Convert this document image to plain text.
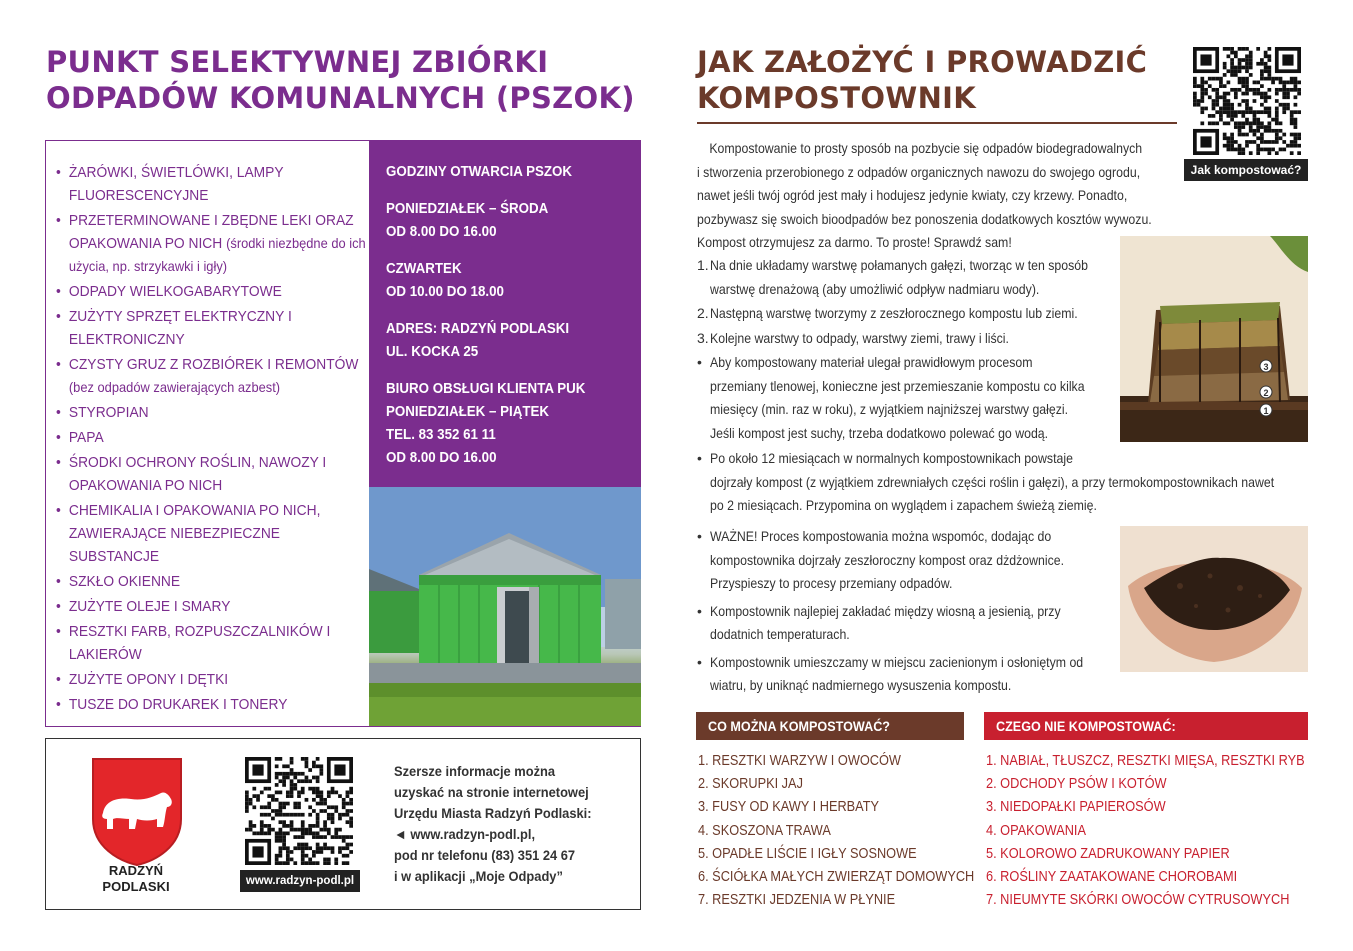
PUNKT SELEKTYWNEJ ZBIÓRKI
ODPADÓW KOMUNALNYCH (PSZOK)
• ŻARÓWKI, ŚWIETLÓWKI, LAMPY FLUORESCENCYJNE
• PRZETERMINOWANE I ZBĘDNE LEKI ORAZ OPAKOWANIA PO NICH (środki niezbędne do ich użycia, np. strzykawki i igły)
• ODPADY WIELKOGABARYTOWE
• ZUŻYTY SPRZĘT ELEKTRYCZNY I ELEKTRONICZNY
• CZYSTY GRUZ Z ROZBIÓREK I REMONTÓW (bez odpadów zawierających azbest)
• STYROPIAN
• PAPA
• ŚRODKI OCHRONY ROŚLIN, NAWOZY I OPAKOWANIA PO NICH
• CHEMIKALIA I OPAKOWANIA PO NICH, ZAWIERAJĄCE NIEBEZPIECZNE SUBSTANCJE
• SZKŁO OKIENNE
• ZUŻYTE OLEJE I SMARY
• RESZTKI FARB, ROZPUSZCZALNIKÓW I LAKIERÓW
• ZUŻYTE OPONY I DĘTKI
• TUSZE DO DRUKAREK I TONERY
GODZINY OTWARCIA PSZOK
PONIEDZIAŁEK – ŚRODA
OD 8.00 DO 16.00
CZWARTEK
OD 10.00 DO 18.00
ADRES: RADZYŃ PODLASKI
UL. KOCKA 25
BIURO OBSŁUGI KLIENTA PUK
PONIEDZIAŁEK – PIĄTEK
TEL. 83 352 61 11
OD 8.00 DO 16.00
RADZYŃ
PODLASKI	www.radzyn-podl.pl
Szersze informacje można
uzyskać na stronie internetowej
Urzędu Miasta Radzyń Podlaski:
◄ www.radzyn-podl.pl,
pod nr telefonu (83) 351 24 67
i w aplikacji „Moje Odpady”
JAK ZAŁOŻYĆ I PROWADZIĆ
KOMPOSTOWNIK
Jak kompostować?
Kompostowanie to prosty sposób na pozbycie się odpadów biodegradowalnych
i stworzenia przerobionego z odpadów organicznych nawozu do swojego ogrodu,
nawet jeśli twój ogród jest mały i hodujesz jedynie kwiaty, czy krzewy. Ponadto,
pozbywasz się swoich bioodpadów bez ponoszenia dodatkowych kosztów wywozu.
Kompost otrzymujesz za darmo. To proste! Sprawdź sam!
1. Na dnie układamy warstwę połamanych gałęzi, tworząc w ten sposób
warstwę drenażową (aby umożliwić odpływ nadmiaru wody).
2. Następną warstwę tworzymy z zeszłorocznego kompostu lub ziemi.
3. Kolejne warstwy to odpady, warstwy ziemi, trawy i liści.
• Aby kompostowany materiał ulegał prawidłowym procesom
przemiany tlenowej, konieczne jest przemieszanie kompostu co kilka
miesięcy (min. raz w roku), z wyjątkiem najniższej warstwy gałęzi.
Jeśli kompost jest suchy, trzeba dodatkowo polewać go wodą.
• Po około 12 miesiącach w normalnych kompostownikach powstaje
dojrzały kompost (z wyjątkiem zdrewniałych części roślin i gałęzi), a przy termokompostownikach nawet
po 2 miesiącach. Przypomina on wyglądem i zapachem świeżą ziemię.
• WAŻNE! Proces kompostowania można wspomóc, dodając do
kompostownika dojrzały zeszłoroczny kompost oraz dżdżownice.
Przyspieszy to procesy przemiany odpadów.
• Kompostownik najlepiej zakładać między wiosną a jesienią, przy
dodatnich temperaturach.
• Kompostownik umieszczamy w miejscu zacienionym i osłoniętym od
wiatru, by uniknąć nadmiernego wysuszenia kompostu.
3
2
1
CO MOŻNA KOMPOSTOWAĆ?	CZEGO NIE KOMPOSTOWAĆ:
1. RESZTKI WARZYW I OWOCÓW
2. SKORUPKI JAJ
3. FUSY OD KAWY I HERBATY
4. SKOSZONA TRAWA
5. OPADŁE LIŚCIE I IGŁY SOSNOWE
6. ŚCIÓŁKA MAŁYCH ZWIERZĄT DOMOWYCH
7. RESZTKI JEDZENIA W PŁYNIE
1. NABIAŁ, TŁUSZCZ, RESZTKI MIĘSA, RESZTKI RYB
2. ODCHODY PSÓW I KOTÓW
3. NIEDOPAŁKI PAPIEROSÓW
4. OPAKOWANIA
5. KOLOROWO ZADRUKOWANY PAPIER
6. ROŚLINY ZAATAKOWANE CHOROBAMI
7. NIEUMYTE SKÓRKI OWOCÓW CYTRUSOWYCH
